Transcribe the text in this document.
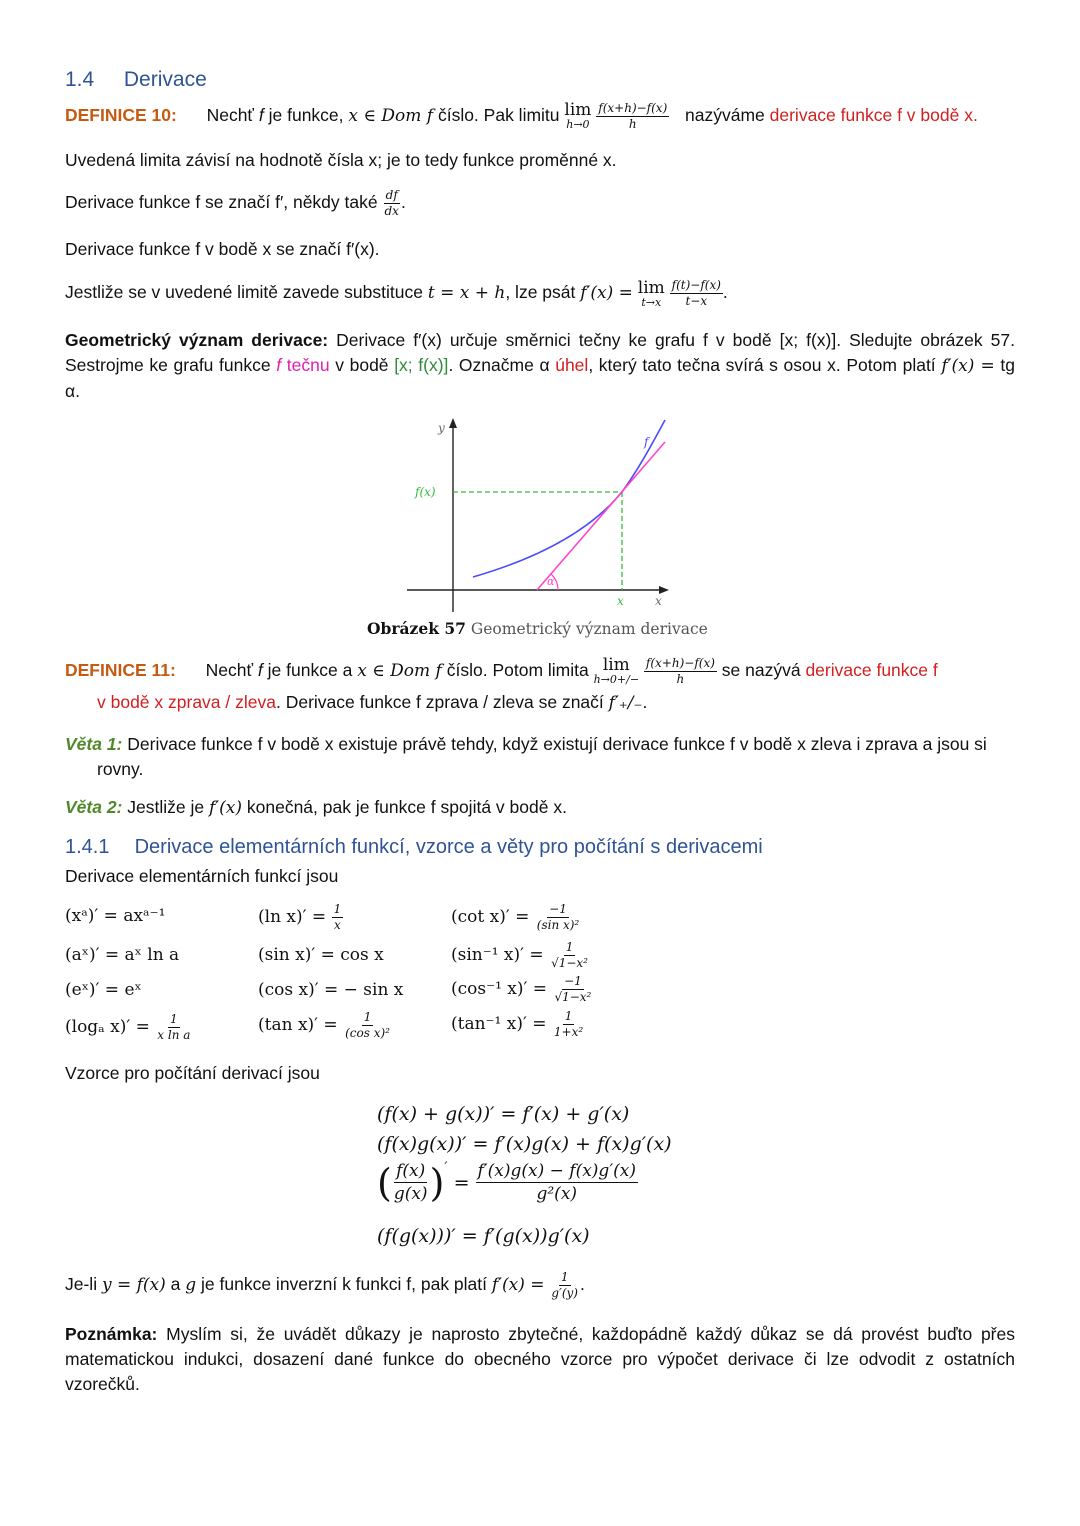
1.4 Derivace
DEFINICE 10: Nechť f je funkce, x ∈ Dom f číslo. Pak limitu lim
h→0
$\frac{f(x+h)-f(x)}{h}$ nazýváme derivace funkce f v bodě x.
Uvedená limita závisí na hodnotě čísla x; je to tedy funkce proměnné x.
Derivace funkce f se značí f′, někdy také $\frac{df}{dx}$ .
Derivace funkce f v bodě x se značí f′(x).
Jestliže se v uvedené limitě zavede substituce t = x + h, lze psát f′(x) = lim
t→x
$\frac{f(t)-f(x)}{t-x}$ .
Geometrický význam derivace: Derivace f′(x) určuje směrnici tečny ke grafu f v bodě [x; f(x)]. Sledujte obrázek 57. Sestrojme ke grafu funkce f tečnu v bodě [x; f(x)]. Označme α úhel, který tato tečna svírá s osou x. Potom platí f′(x) = tg α.
y
x
f(x)
f
α
x
Obrázek 57 Geometrický význam derivace
DEFINICE 11: Nechť f je funkce a x ∈ Dom f číslo. Potom limita lim
h→0+/−
$\frac{f(x+h)-f(x)}{h}$ se nazývá derivace funkce f
v bodě x zprava / zleva. Derivace funkce f zprava / zleva se značí f′₊/₋.
Věta 1: Derivace funkce f v bodě x existuje právě tehdy, když existují derivace funkce f v bodě x zleva i zprava a jsou si
rovny.
Věta 2: Jestliže je f′(x) konečná, pak je funkce f spojitá v bodě x.
1.4.1 Derivace elementárních funkcí, vzorce a věty pro počítání s derivacemi
Derivace elementárních funkcí jsou
(xᵃ)′ = axᵃ⁻¹
(aˣ)′ = aˣ ln a
(eˣ)′ = eˣ
(logₐ $x)' = \frac{1}{\text{x ln a}}$
(ln $x)' = \frac{1}{x}$
(sin x)′ = cos x
(cos x)′ = − sin x
(tan $x)' = \frac{1}{\text{(cos x)²}}$
(cot $x)' = \frac{-1}{\text{(sin x)²}}$
(sin⁻¹ $x)' = \frac{1}{\text{√1−x²}}$
(cos⁻¹ $x)' = \frac{-1}{\text{√1−x²}}$
(tan⁻¹ $x)' = \frac{1}{\text{1+x²}}$
Vzorce pro počítání derivací jsou
(f(x) + g(x))′ = f′(x) + g′(x)
(f(x)g(x))′ = f′(x)g(x) + f(x)g′(x)
( $\frac{f(x)}{g(x)}$ ) ′
= $\frac{f'(x)g(x) - f(x)g'(x)}{\text{g²(x)}}$
(f(g(x)))′ = f′(g(x))g′(x)
Je-li y = f(x) a g je funkce inverzní k funkci f, pak platí $f'(x) = \frac{1}{g'(y)}$ .
Poznámka: Myslím si, že uvádět důkazy je naprosto zbytečné, každopádně každý důkaz se dá provést buďto přes matematickou indukci, dosazení dané funkce do obecného vzorce pro výpočet derivace či lze odvodit z ostatních vzorečků.
